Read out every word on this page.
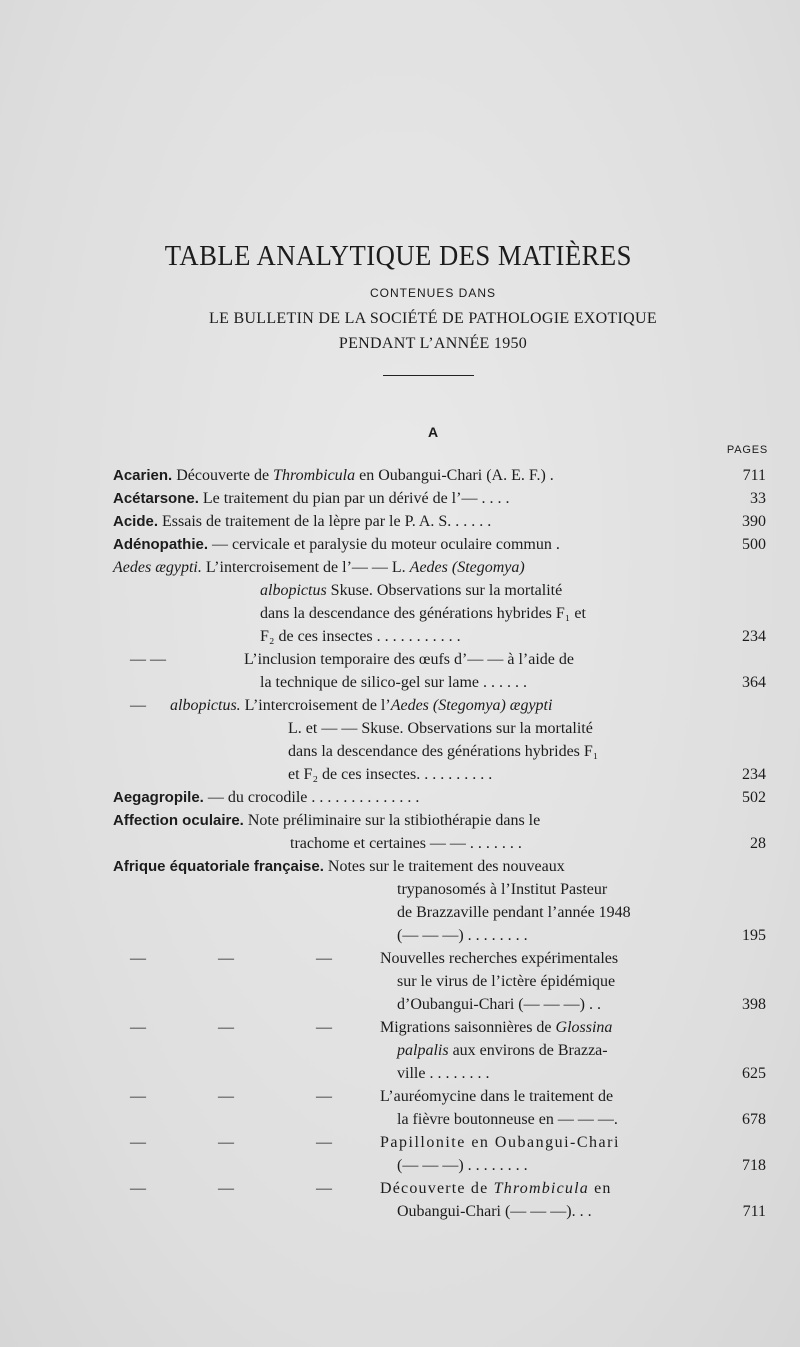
TABLE ANALYTIQUE DES MATIÈRES
CONTENUES DANS
LE BULLETIN DE LA SOCIÉTÉ DE PATHOLOGIE EXOTIQUE
PENDANT L’ANNÉE 1950
A
PAGES
Acarien. Découverte de Thrombicula en Oubangui-Chari (A. E. F.) .	711
Acétarsone. Le traitement du pian par un dérivé de l’— . . . .	33
Acide. Essais de traitement de la lèpre par le P. A. S. . . . . .	390
Adénopathie. — cervicale et paralysie du moteur oculaire commun .	500
Aedes ægypti. L’intercroisement de l’— — L. Aedes (Stegomya)
albopictus Skuse. Observations sur la mortalité
dans la descendance des générations hybrides F₁ et
F₂ de ces insectes . . . . . . . . . . .	234
— —	L’inclusion temporaire des œufs d’— — à l’aide de
la technique de silico-gel sur lame . . . . . .	364
— albopictus. L’intercroisement de l’Aedes (Stegomya) ægypti
L. et — — Skuse. Observations sur la mortalité
dans la descendance des générations hybrides F₁
et F₂ de ces insectes. . . . . . . . . .	234
Aegagropile. — du crocodile . . . . . . . . . . . . . .	502
Affection oculaire. Note préliminaire sur la stibiothérapie dans le
trachome et certaines — — . . . . . . .	28
Afrique équatoriale française. Notes sur le traitement des nouveaux
trypanosomés à l’Institut Pasteur
de Brazzaville pendant l’année 1948
(— — —) . . . . . . . .	195
—	—	—	Nouvelles recherches expérimentales
sur le virus de l’ictère épidémique
d’Oubangui-Chari (— — —) . .	398
—	—	—	Migrations saisonnières de Glossina
palpalis aux environs de Brazza-
ville . . . . . . . .	625
—	—	—	L’auréomycine dans le traitement de
la fièvre boutonneuse en — — —.	678
—	—	—	Papillonite en Oubangui-Chari
(— — —) . . . . . . . .	718
—	—	—	Découverte de Thrombicula en
Oubangui-Chari (— — —). . .	711
